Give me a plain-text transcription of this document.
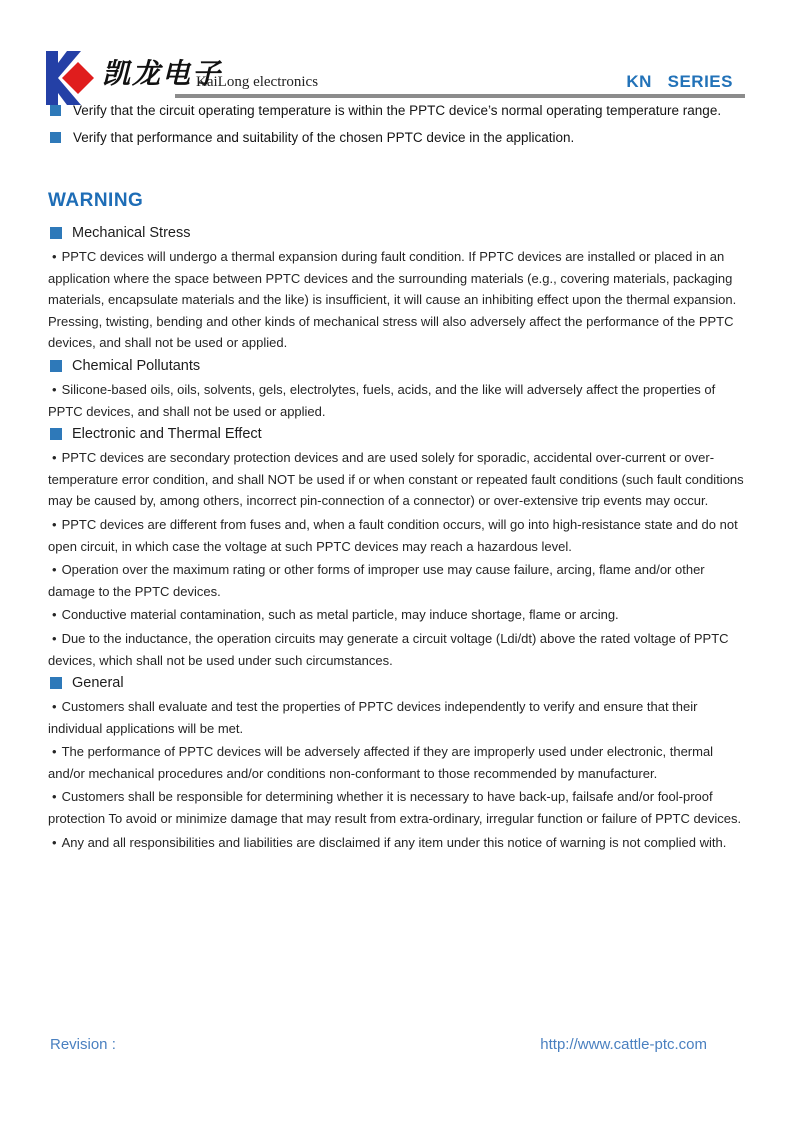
凯龙电子
KaiLong electronics	KN   SERIES
Verify that the circuit operating temperature is within the PPTC device’s normal operating temperature range.
Verify that performance and suitability of the chosen PPTC device in the application.
WARNING
Mechanical Stress

• PPTC devices will undergo a thermal expansion during fault condition. If PPTC devices are installed or placed in an application where the space between PPTC devices and the surrounding materials (e.g., covering materials, packaging materials, encapsulate materials and the like) is insufficient, it will cause an inhibiting effect upon the thermal expansion. Pressing, twisting, bending and other kinds of mechanical stress will also adversely affect the performance of the PPTC devices, and shall not be used or applied.

Chemical Pollutants

• Silicone-based oils, oils, solvents, gels, electrolytes, fuels, acids, and the like will adversely affect the properties of PPTC devices, and shall not be used or applied.

Electronic and Thermal Effect

• PPTC devices are secondary protection devices and are used solely for sporadic, accidental over-current or over-temperature error condition, and shall NOT be used if or when constant or repeated fault conditions (such fault conditions may be caused by, among others, incorrect pin-connection of a connector) or over-extensive trip events may occur.

• PPTC devices are different from fuses and, when a fault condition occurs, will go into high-resistance state and do not open circuit, in which case the voltage at such PPTC devices may reach a hazardous level.

• Operation over the maximum rating or other forms of improper use may cause failure, arcing, flame and/or other damage to the PPTC devices.

• Conductive material contamination, such as metal particle, may induce shortage, flame or arcing.

• Due to the inductance, the operation circuits may generate a circuit voltage (Ldi/dt) above the rated voltage of PPTC devices, which shall not be used under such circumstances.

General

• Customers shall evaluate and test the properties of PPTC devices independently to verify and ensure that their individual applications will be met.

• The performance of PPTC devices will be adversely affected if they are improperly used under electronic, thermal and/or mechanical procedures and/or conditions non-conformant to those recommended by manufacturer.

• Customers shall be responsible for determining whether it is necessary to have back-up, failsafe and/or fool-proof protection To avoid or minimize damage that may result from extra-ordinary, irregular function or failure of PPTC devices.

• Any and all responsibilities and liabilities are disclaimed if any item under this notice of warning is not complied with.

Revision :	http://www.cattle-ptc.com
